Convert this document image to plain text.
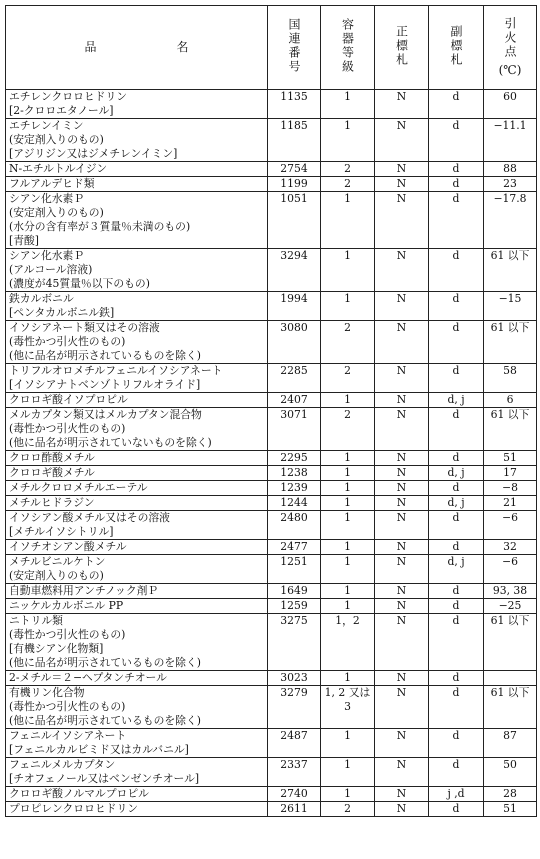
品　名	国連番号	容器等級	正標札	副標札	引火点
(℃)

エチレンクロロヒドリン
[2-クロロエタノール]	1135	1	N	d	60

エチレンイミン
(安定剤入りのもの)
[アジリジン又はジメチレンイミン]	1185	1	N	d	−11.1

N-エチルトルイジン	2754	2	N	d	88

フルアルデヒド類	1199	2	N	d	23

シアン化水素Ｐ
(安定剤入りのもの)
(水分の含有率が３質量％未満のもの)
[青酸]	1051	1	N	d	−17.8

シアン化水素Ｐ
(アルコール溶液)
(濃度が45質量％以下のもの)	3294	1	N	d	61 以下

鉄カルボニル
[ペンタカルボニル鉄]	1994	1	N	d	−15

イソシアネート類又はその溶液
(毒性かつ引火性のもの)
(他に品名が明示されているものを除く)	3080	2	N	d	61 以下

トリフルオロメチルフェニルイソシアネート
[イソシアナトベンゾトリフルオライド]	2285	2	N	d	58

クロロギ酸イソプロピル	2407	1	N	d, j	6

メルカプタン類又はメルカプタン混合物
(毒性かつ引火性のもの)
(他に品名が明示されていないものを除く)	3071	2	N	d	61 以下

クロロ酢酸メチル	2295	1	N	d	51

クロロギ酸メチル	1238	1	N	d, j	17

メチルクロロメチルエーテル	1239	1	N	d	−8

メチルヒドラジン	1244	1	N	d, j	21

イソシアン酸メチル又はその溶液
[メチルイソシトリル]	2480	1	N	d	−6

イソチオシアン酸メチル	2477	1	N	d	32

メチルビニルケトン
(安定剤入りのもの)	1251	1	N	d, j	−6

自動車燃料用アンチノック剤Ｐ	1649	1	N	d	93, 38

ニッケルカルボニル PP	1259	1	N	d	−25

ニトリル類
(毒性かつ引火性のもの)
[有機シアン化物類]
(他に品名が明示されているものを除く)	3275	1，2	N	d	61 以下

2-メチル＝２−ヘプタンチオール	3023	1	N	d	

有機リン化合物
(毒性かつ引火性のもの)
(他に品名が明示されているものを除く)	3279	1, 2 又は 3	N	d	61 以下

フェニルイソシアネート
[フェニルカルビミド又はカルバニル]	2487	1	N	d	87

フェニルメルカプタン
[チオフェノール又はベンゼンチオール]	2337	1	N	d	50

クロロギ酸ノルマルプロピル	2740	1	N	j ,d	28

プロピレンクロロヒドリン	2611	2	N	d	51
